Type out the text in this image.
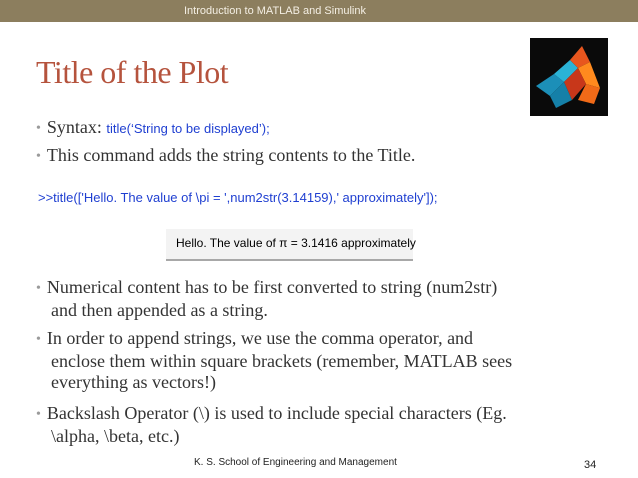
Introduction to MATLAB and Simulink
Title of the Plot
• Syntax: title(‘String to be displayed’);
• This command adds the string contents to the Title.
>>title(['Hello. The value of \pi = ',num2str(3.14159),' approximately']);
Hello. The value of π = 3.1416 approximately
• Numerical content has to be first converted to string (num2str)
and then appended as a string.
• In order to append strings, we use the comma operator, and
enclose them within square brackets (remember, MATLAB sees
everything as vectors!)
• Backslash Operator (\) is used to include special characters (Eg.
\alpha, \beta, etc.)
K. S. School of Engineering and Management	34
